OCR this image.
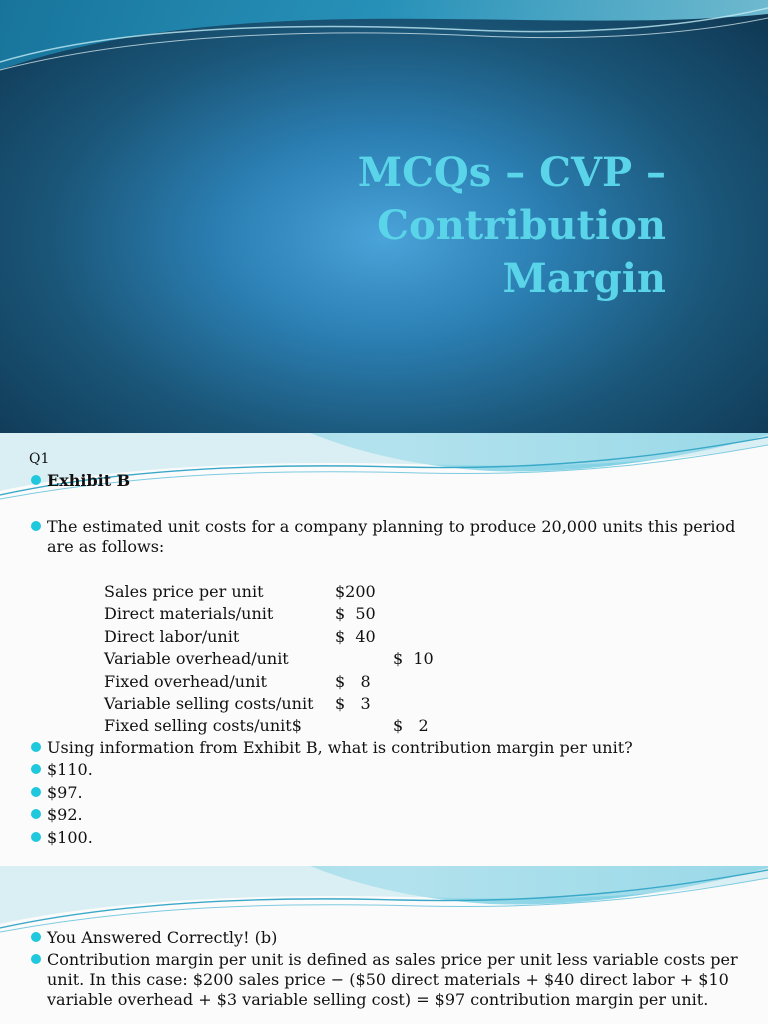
MCQs – CVP – Contribution
Margin
Q1
Exhibit B
The estimated unit costs for a company planning to produce 20,000 units this period are as follows:
Sales price per unit	$200
Direct materials/unit	$  50
Direct labor/unit	$  40
Variable overhead/unit	$  10
Fixed overhead/unit	$   8
Variable selling costs/unit $   3
Fixed selling costs/unit$	$   2
Using information from Exhibit B, what is contribution margin per unit?
$110.
$97.
$92.
$100.
You Answered Correctly! (b)
Contribution margin per unit is defined as sales price per unit less variable costs per unit. In this case: $200 sales price − ($50 direct materials + $40 direct labor + $10 variable overhead + $3 variable selling cost) = $97 contribution margin per unit.
